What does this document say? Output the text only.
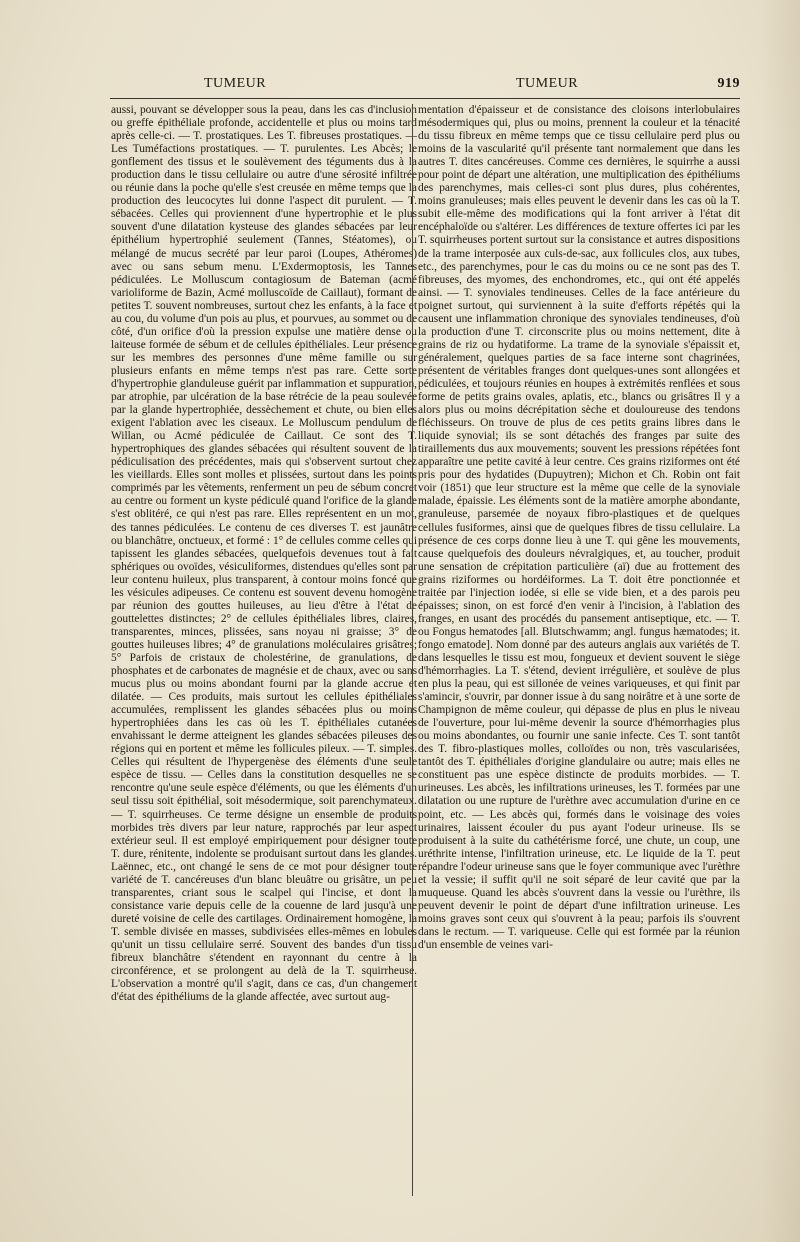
TUMEUR	TUMEUR	919

aussi, pouvant se développer sous la peau, dans les cas d'inclusion ou greffe épithéliale profonde, accidentelle et plus ou moins tard après celle-ci. — T. prostatiques. Les T. fibreuses prostatiques. — Les Tuméfactions prostatiques. — T. purulentes. Les Abcès; le gonflement des tissus et le soulèvement des téguments dus à la production dans le tissu cellulaire ou autre d'une sérosité infiltrée ou réunie dans la poche qu'elle s'est creusée en même temps que la production des leucocytes lui donne l'aspect dit purulent. — T. sébacées. Celles qui proviennent d'une hypertrophie et le plus souvent d'une dilatation kysteuse des glandes sébacées par leur épithélium hypertrophié seulement (Tannes, Stéatomes), ou mélangé de mucus secrété par leur paroi (Loupes, Athéromes) avec ou sans sebum menu. L'Exdermoptosis, les Tannes pédiculées. Le Molluscum contagiosum de Bateman (acmé varioliforme de Bazin, Acmé molluscoïde de Caillaut), formant de petites T. souvent nombreuses, surtout chez les enfants, à la face et au cou, du volume d'un pois au plus, et pourvues, au sommet ou de côté, d'un orifice d'où la pression expulse une matière dense ou laiteuse formée de sébum et de cellules épithéliales. Leur présence sur les membres des personnes d'une même famille ou sur plusieurs enfants en même temps n'est pas rare. Cette sorte d'hypertrophie glanduleuse guérit par inflammation et suppuration, par atrophie, par ulcération de la base rétrécie de la peau soulevée par la glande hypertrophiée, dessèchement et chute, ou bien elles exigent l'ablation avec les ciseaux. Le Molluscum pendulum de Willan, ou Acmé pédiculée de Caillaut. Ce sont des T. hypertrophiques des glandes sébacées qui résultent souvent de la pédiculisation des précédentes, mais qui s'observent surtout chez les vieillards. Elles sont molles et plissées, surtout dans les points comprimés par les vêtements, renferment un peu de sébum concret au centre ou forment un kyste pédiculé quand l'orifice de la glande s'est oblitéré, ce qui n'est pas rare. Elles représentent en un mot, des tannes pédiculées. Le contenu de ces diverses T. est jaunâtre ou blanchâtre, onctueux, et formé : 1° de cellules comme celles qui tapissent les glandes sébacées, quelquefois devenues tout à fait sphériques ou ovoïdes, vésiculiformes, distendues qu'elles sont par leur contenu huileux, plus transparent, à contour moins foncé que les vésicules adipeuses. Ce contenu est souvent devenu homogène par réunion des gouttes huileuses, au lieu d'être à l'état de gouttelettes distinctes; 2° de cellules épithéliales libres, claires, transparentes, minces, plissées, sans noyau ni graisse; 3° de gouttes huileuses libres; 4° de granulations moléculaires grisâtres; 5° Parfois de cristaux de cholestérine, de granulations, de phosphates et de carbonates de magnésie et de chaux, avec ou sans mucus plus ou moins abondant fourni par la glande accrue et dilatée. — Ces produits, mais surtout les cellules épithéliales accumulées, remplissent les glandes sébacées plus ou moins hypertrophiées dans les cas où les T. épithéliales cutanées envahissant le derme atteignent les glandes sébacées pileuses des régions qui en portent et même les follicules pileux. — T. simples. Celles qui résultent de l'hypergenèse des éléments d'une seule espèce de tissu. — Celles dans la constitution desquelles ne se rencontre qu'une seule espèce d'éléments, ou que les éléments d'un seul tissu soit épithélial, soit mésodermique, soit parenchymateux. — T. squirrheuses. Ce terme désigne un ensemble de produits morbides très divers par leur nature, rapprochés par leur aspect extérieur seul. Il est employé empiriquement pour désigner toute T. dure, rénitente, indolente se produisant surtout dans les glandes. Laënnec, etc., ont changé le sens de ce mot pour désigner toute variété de T. cancéreuses d'un blanc bleuâtre ou grisâtre, un peu transparentes, criant sous le scalpel qui l'incise, et dont la consistance varie depuis celle de la couenne de lard jusqu'à une dureté voisine de celle des cartilages. Ordinairement homogène, la T. semble divisée en masses, subdivisées elles-mêmes en lobules qu'unit un tissu cellulaire serré. Souvent des bandes d'un tissu fibreux blanchâtre s'étendent en rayonnant du centre à la circonférence, et se prolongent au delà de la T. squirrheuse. L'observation a montré qu'il s'agit, dans ce cas, d'un changement d'état des épithéliums de la glande affectée, avec surtout aug-

mentation d'épaisseur et de consistance des cloisons interlobulaires mésodermiques qui, plus ou moins, prennent la couleur et la ténacité du tissu fibreux en même temps que ce tissu cellulaire perd plus ou moins de la vascularité qu'il présente tant normalement que dans les autres T. dites cancéreuses. Comme ces dernières, le squirrhe a aussi pour point de départ une altération, une multiplication des épithéliums des parenchymes, mais celles-ci sont plus dures, plus cohérentes, moins granuleuses; mais elles peuvent le devenir dans les cas où la T. subit elle-même des modifications qui la font arriver à l'état dit encéphaloïde ou s'altérer. Les différences de texture offertes ici par les T. squirrheuses portent surtout sur la consistance et autres dispositions de la trame interposée aux culs-de-sac, aux follicules clos, aux tubes, etc., des parenchymes, pour le cas du moins ou ce ne sont pas des T. fibreuses, des myomes, des enchondromes, etc., qui ont été appelés ainsi. — T. synoviales tendineuses. Celles de la face antérieure du poignet surtout, qui surviennent à la suite d'efforts répétés qui la causent une inflammation chronique des synoviales tendineuses, d'où la production d'une T. circonscrite plus ou moins nettement, dite à grains de riz ou hydatiforme. La trame de la synoviale s'épaissit et, généralement, quelques parties de sa face interne sont chagrinées, présentent de véritables franges dont quelques-unes sont allongées et pédiculées, et toujours réunies en houpes à extrémités renflées et sous forme de petits grains ovales, aplatis, etc., blancs ou grisâtres Il y a alors plus ou moins décrépitation sèche et douloureuse des tendons fléchisseurs. On trouve de plus de ces petits grains libres dans le liquide synovial; ils se sont détachés des franges par suite des tiraillements dus aux mouvements; souvent les pressions répétées font apparaître une petite cavité à leur centre. Ces grains riziformes ont été pris pour des hydatides (Dupuytren); Michon et Ch. Robin ont fait voir (1851) que leur structure est la même que celle de la synoviale malade, épaissie. Les éléments sont de la matière amorphe abondante, granuleuse, parsemée de noyaux fibro-plastiques et de quelques cellules fusiformes, ainsi que de quelques fibres de tissu cellulaire. La présence de ces corps donne lieu à une T. qui gêne les mouvements, cause quelquefois des douleurs névralgiques, et, au toucher, produit une sensation de crépitation particulière (aï) due au frottement des grains riziformes ou hordéiformes. La T. doit être ponctionnée et traitée par l'injection iodée, si elle se vide bien, et a des parois peu épaisses; sinon, on est forcé d'en venir à l'incision, à l'ablation des franges, en usant des procédés du pansement antiseptique, etc. — T. ou Fongus hematodes [all. Blutschwamm; angl. fungus hæmatodes; it. fongo ematode]. Nom donné par des auteurs anglais aux variétés de T. dans lesquelles le tissu est mou, fongueux et devient souvent le siège d'hémorrhagies. La T. s'étend, devient irrégulière, et soulève de plus en plus la peau, qui est sillonée de veines variqueuses, et qui finit par s'amincir, s'ouvrir, par donner issue à du sang noirâtre et à une sorte de Champignon de même couleur, qui dépasse de plus en plus le niveau de l'ouverture, pour lui-même devenir la source d'hémorrhagies plus ou moins abondantes, ou fournir une sanie infecte. Ces T. sont tantôt des T. fibro-plastiques molles, colloïdes ou non, très vascularisées, tantôt des T. épithéliales d'origine glandulaire ou autre; mais elles ne constituent pas une espèce distincte de produits morbides. — T. urineuses. Les abcès, les infiltrations urineuses, les T. formées par une dilatation ou une rupture de l'urèthre avec accumulation d'urine en ce point, etc. — Les abcès qui, formés dans le voisinage des voies urinaires, laissent écouler du pus ayant l'odeur urineuse. Ils se produisent à la suite du cathétérisme forcé, une chute, un coup, une uréthrite intense, l'infiltration urineuse, etc. Le liquide de la T. peut répandre l'odeur urineuse sans que le foyer communique avec l'urèthre et la vessie; il suffit qu'il ne soit séparé de leur cavité que par la muqueuse. Quand les abcès s'ouvrent dans la vessie ou l'urèthre, ils peuvent devenir le point de départ d'une infiltration urineuse. Les moins graves sont ceux qui s'ouvrent à la peau; parfois ils s'ouvrent dans le rectum. — T. variqueuse. Celle qui est formée par la réunion d'un ensemble de veines vari-
